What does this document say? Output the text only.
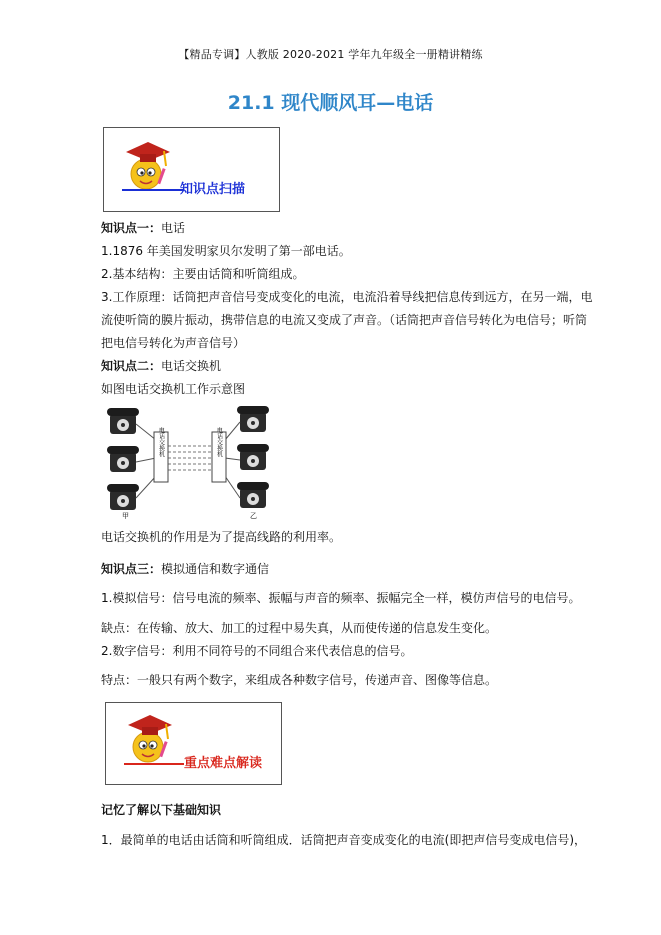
【精品专调】人教版 2020-2021 学年九年级全一册精讲精练
21.1 现代顺风耳—电话
知识点扫描
知识点一：电话
1.1876 年美国发明家贝尔发明了第一部电话。
2.基本结构：主要由话筒和听筒组成。
3.工作原理：话筒把声音信号变成变化的电流，电流沿着导线把信息传到远方，在另一端，电
流使听筒的膜片振动，携带信息的电流又变成了声音。（话筒把声音信号转化为电信号；听筒
把电信号转化为声音信号）
知识点二：电话交换机
如图电话交换机工作示意图
电话交换机	电话交换机
甲	乙
电话交换机的作用是为了提高线路的利用率。
知识点三：模拟通信和数字通信
1.模拟信号：信号电流的频率、振幅与声音的频率、振幅完全一样，模仿声信号的电信号。
缺点：在传输、放大、加工的过程中易失真，从而使传递的信息发生变化。
2.数字信号：利用不同符号的不同组合来代表信息的信号。
特点：一般只有两个数字，来组成各种数字信号，传递声音、图像等信息。
重点难点解读
记忆了解以下基础知识
1．最简单的电话由话筒和听筒组成．话筒把声音变成变化的电流(即把声信号变成电信号)，
